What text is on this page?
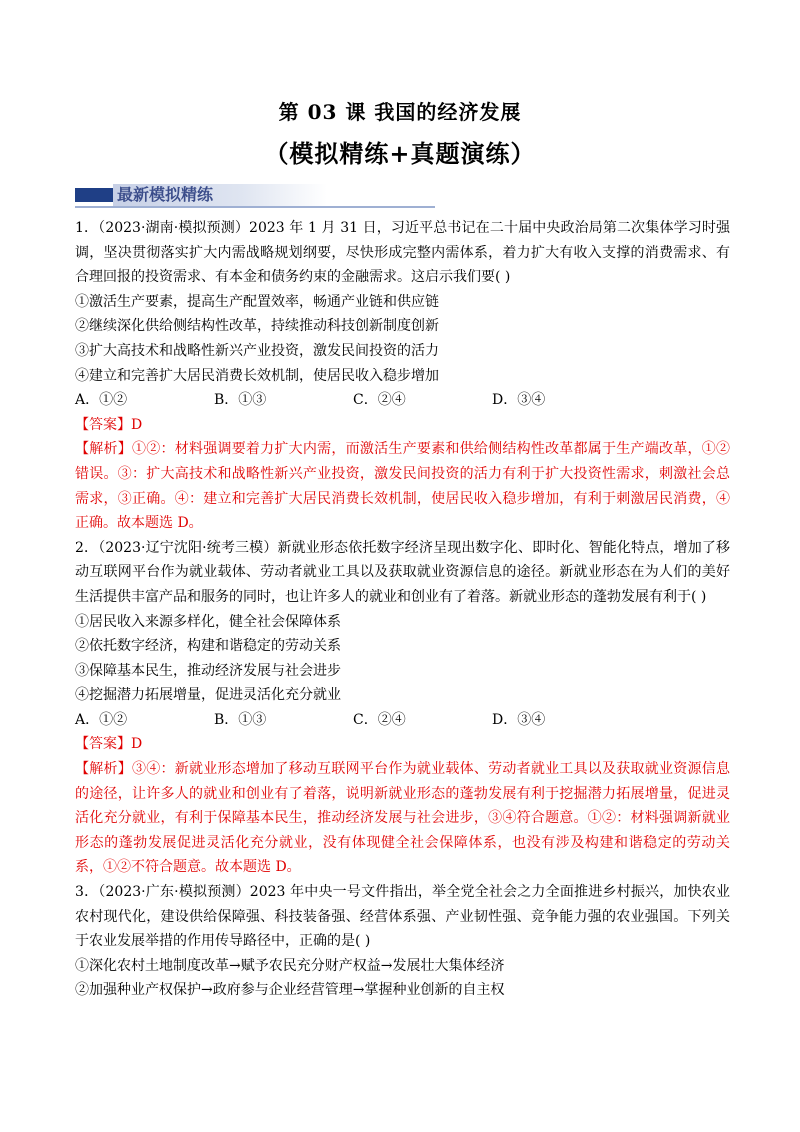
第 03 课 我国的经济发展
（模拟精练+真题演练）
最新模拟精练

1．（2023·湖南·模拟预测）2023 年 1 月 31 日，习近平总书记在二十届中央政治局第二次集体学习时强调，坚决贯彻落实扩大内需战略规划纲要，尽快形成完整内需体系，着力扩大有收入支撑的消费需求、有合理回报的投资需求、有本金和债务约束的金融需求。这启示我们要( )

①激活生产要素，提高生产配置效率，畅通产业链和供应链

②继续深化供给侧结构性改革，持续推动科技创新制度创新

③扩大高技术和战略性新兴产业投资，激发民间投资的活力

④建立和完善扩大居民消费长效机制，使居民收入稳步增加

A．①②	B．①③	C．②④	D．③④

【答案】D

【解析】①②：材料强调要着力扩大内需，而激活生产要素和供给侧结构性改革都属于生产端改革，①②错误。③：扩大高技术和战略性新兴产业投资，激发民间投资的活力有利于扩大投资性需求，刺激社会总需求，③正确。④：建立和完善扩大居民消费长效机制，使居民收入稳步增加，有利于刺激居民消费，④正确。故本题选 D。

2．（2023·辽宁沈阳·统考三模）新就业形态依托数字经济呈现出数字化、即时化、智能化特点，增加了移动互联网平台作为就业载体、劳动者就业工具以及获取就业资源信息的途径。新就业形态在为人们的美好生活提供丰富产品和服务的同时，也让许多人的就业和创业有了着落。新就业形态的蓬勃发展有利于( )

①居民收入来源多样化，健全社会保障体系

②依托数字经济，构建和谐稳定的劳动关系

③保障基本民生，推动经济发展与社会进步

④挖掘潜力拓展增量，促进灵活化充分就业

A．①②	B．①③	C．②④	D．③④

【答案】D

【解析】③④：新就业形态增加了移动互联网平台作为就业载体、劳动者就业工具以及获取就业资源信息的途径，让许多人的就业和创业有了着落，说明新就业形态的蓬勃发展有利于挖掘潜力拓展增量，促进灵活化充分就业，有利于保障基本民生，推动经济发展与社会进步，③④符合题意。①②：材料强调新就业形态的蓬勃发展促进灵活化充分就业，没有体现健全社会保障体系，也没有涉及构建和谐稳定的劳动关系，①②不符合题意。故本题选 D。

3．（2023·广东·模拟预测）2023 年中央一号文件指出，举全党全社会之力全面推进乡村振兴，加快农业农村现代化，建设供给保障强、科技装备强、经营体系强、产业韧性强、竞争能力强的农业强国。下列关于农业发展举措的作用传导路径中，正确的是( )

①深化农村土地制度改革→赋予农民充分财产权益→发展壮大集体经济

②加强种业产权保护→政府参与企业经营管理→掌握种业创新的自主权
